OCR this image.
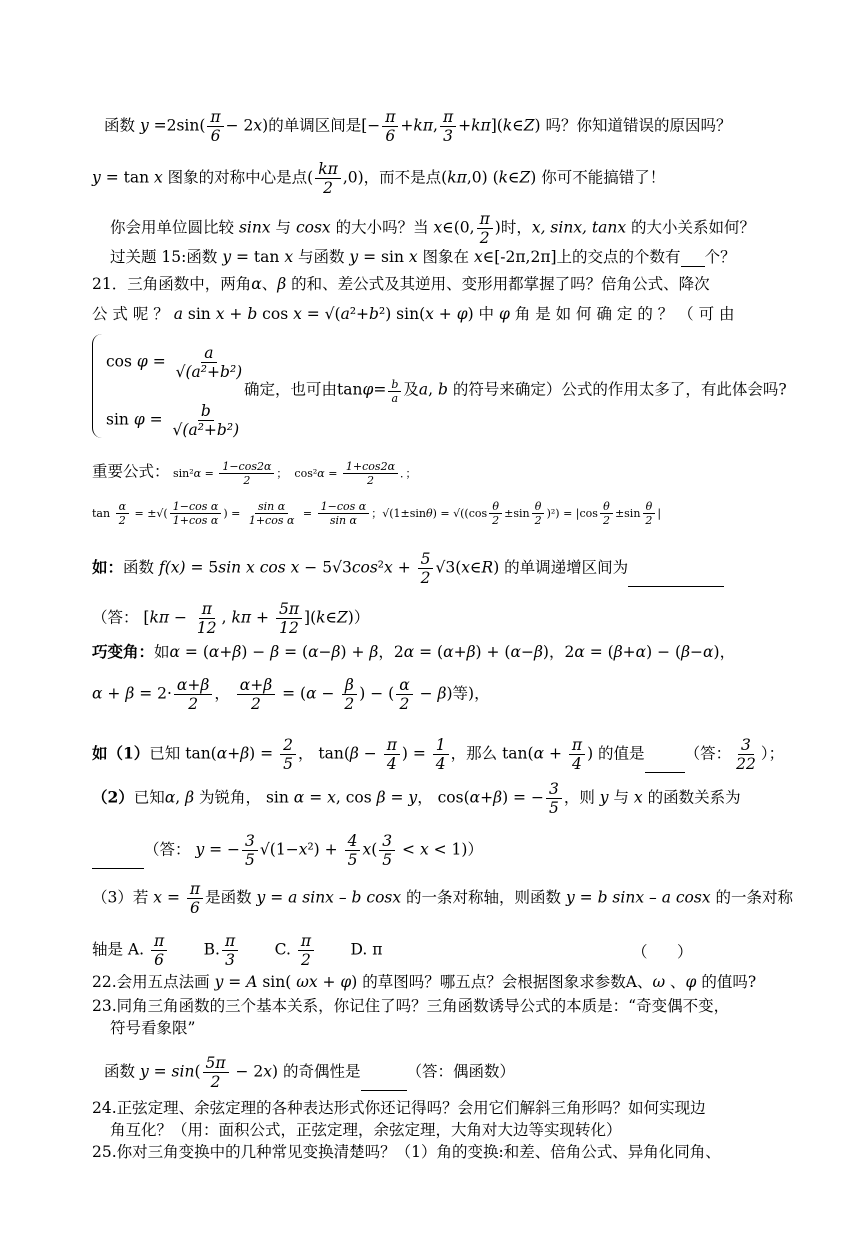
函数 $y =2\sin( \frac{\pi}{6} - 2x)$的单调区间是[− $\frac{\pi}{6} +k\pi$, $\frac{\pi}{3}$ +kπ](k∈Z) 吗？你知道错误的原因吗？
y = tan x 图象的对称中心是点( $\frac{k\pi}{2} ,0$)，而不是点(kπ,0) (k∈Z) 你可不能搞错了！
你会用单位圆比较 sinx 与 cosx 的大小吗？当 x∈(0, $\frac{\pi}{2}$ )时，x, sinx, tanx 的大小关系如何？
过关题 15:函数 y = tan x 与函数 y = sin x 图象在 x∈[-2π,2π]上的交点的个数有 个？
21．三角函数中，两角α、β 的和、差公式及其逆用、变形用都掌握了吗？倍角公式、降次
公 式 呢 ？ a sin x + b cos x = √(a²+b²) sin(x + φ) 中 φ 角 是 如 何 确 定 的 ？ （ 可 由
$\cos \varphi = \frac{a}{\text{√(a²+b²)}}$
确定，也可由$\tan\varphi= \frac{b}{a}$ 及a, b 的符号来确定）公式的作用太多了，有此体会吗?
$\sin \varphi = \frac{b}{\text{√(a²+b²)}}$
重要公式： $\sin^2\alpha = \frac{1-\cos 2\alpha}{2}$ ；  $\cos^2\alpha = \frac{1+\cos 2\alpha}{2}$ ．；
$\tan \frac{\alpha}{2}$ = ±√( $\frac{\text{1−cos α}}{\text{1+cos α}}$ ) = $\frac{\text{sin α}}{\text{1+cos α}} = \frac{\text{1−cos α}}{\text{sin α}}$ ；$√(1\pm\sin\theta) = √((\cos \frac{\theta}{2} \pm\sin \frac{\theta}{2} )^2) = |\cos \frac{\theta}{2} \pm\sin \frac{\theta}{2}$ |
如：函数 f(x) = 5sin x $\cos x - 5√3\cos^2x + \frac{5}{2}$ √3(x∈R) 的单调递增区间为
（答： [$k\pi - \frac{\pi}{12}$ , $k\pi + \frac{5\pi}{12}$ ](k∈Z)）
巧变角：如α = (α+β) − β = (α−β) + β，2α = (α+β) + (α−β)，2α = (β+α) − (β−α)，
$\alpha + \beta = 2\cdot \frac{\alpha+\beta}{2}$ ， $\frac{\alpha+\beta}{2} = (\alpha - \frac{\beta}{2}$ ) − ( $\frac{\alpha}{2} - \beta$)等)，
如（1）已知 $\tan(\alpha+\beta) = \frac{2}{5}$ ， $\tan(\beta - \frac{\pi}{4}$ ) = $\frac{1}{4}$ ，那么 $\tan(\alpha + \frac{\pi}{4}$ ) 的值是	（答： $\frac{3}{22}$ ）；
（2）已知α, β 为锐角， sin α = x, cos β = y， cos(α+β) = − $\frac{3}{5}$ ，则 y 与 x 的函数关系为
（答： y = − $\frac{3}{5} √(1-x^2) + \frac{4}{5} x( \frac{3}{5} < x < 1)$）
（3）若 $x = \frac{\pi}{6}$ 是函数 y = a sinx – b cosx 的一条对称轴，则函数 y = b sinx – a cosx 的一条对称
轴是 A. $\frac{\pi}{6} B$. $\frac{\pi}{3} C$. $\frac{\pi}{2} D$. π	（      ）
22.会用五点法画 y = A sin( ωx + φ) 的草图吗？哪五点？会根据图象求参数A、ω 、φ 的值吗?
23.同角三角函数的三个基本关系，你记住了吗？三角函数诱导公式的本质是：“奇变偶不变，
符号看象限”
函数 $y = \sin( \frac{5\pi}{2} - 2x)$ 的奇偶性是	（答：偶函数）
24.正弦定理、余弦定理的各种表达形式你还记得吗？会用它们解斜三角形吗？如何实现边
角互化？（用：面积公式，正弦定理，余弦定理，大角对大边等实现转化）
25.你对三角变换中的几种常见变换清楚吗？（1）角的变换:和差、倍角公式、异角化同角、
